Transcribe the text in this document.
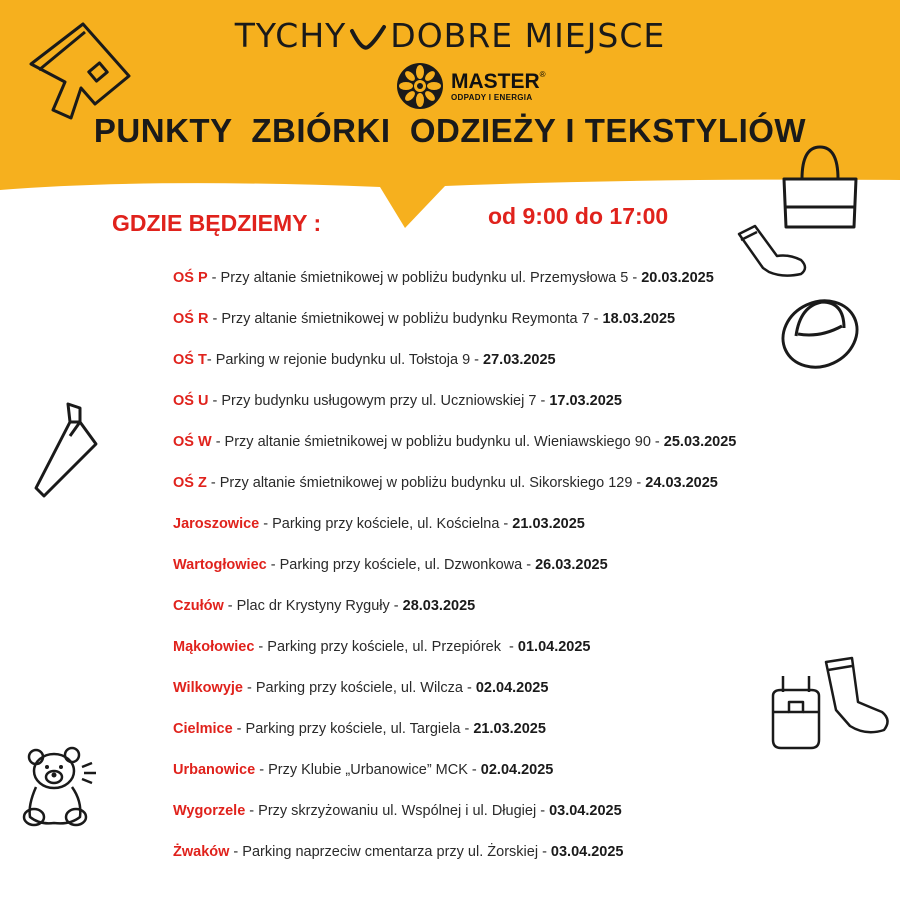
TYCHY DOBRE MIEJSCE
MASTER®
ODPADY I ENERGIA
PUNKTY  ZBIÓRKI  ODZIEŻY I TEKSTYLIÓW
GDZIE BĘDZIEMY :	od 9:00 do 17:00
OŚ P - Przy altanie śmietnikowej w pobliżu budynku ul. Przemysłowa 5 - 20.03.2025
OŚ R - Przy altanie śmietnikowej w pobliżu budynku Reymonta 7 - 18.03.2025
OŚ T- Parking w rejonie budynku ul. Tołstoja 9 - 27.03.2025
OŚ U - Przy budynku usługowym przy ul. Uczniowskiej 7 - 17.03.2025
OŚ W - Przy altanie śmietnikowej w pobliżu budynku ul. Wieniawskiego 90 - 25.03.2025
OŚ Z - Przy altanie śmietnikowej w pobliżu budynku ul. Sikorskiego 129 - 24.03.2025
Jaroszowice - Parking przy kościele, ul. Kościelna - 21.03.2025
Wartogłowiec - Parking przy kościele, ul. Dzwonkowa - 26.03.2025
Czułów - Plac dr Krystyny Ryguły - 28.03.2025
Mąkołowiec - Parking przy kościele, ul. Przepiórek  - 01.04.2025
Wilkowyje - Parking przy kościele, ul. Wilcza - 02.04.2025
Cielmice - Parking przy kościele, ul. Targiela - 21.03.2025
Urbanowice - Przy Klubie „Urbanowice” MCK - 02.04.2025
Wygorzele - Przy skrzyżowaniu ul. Wspólnej i ul. Długiej - 03.04.2025
Żwaków - Parking naprzeciw cmentarza przy ul. Żorskiej - 03.04.2025
